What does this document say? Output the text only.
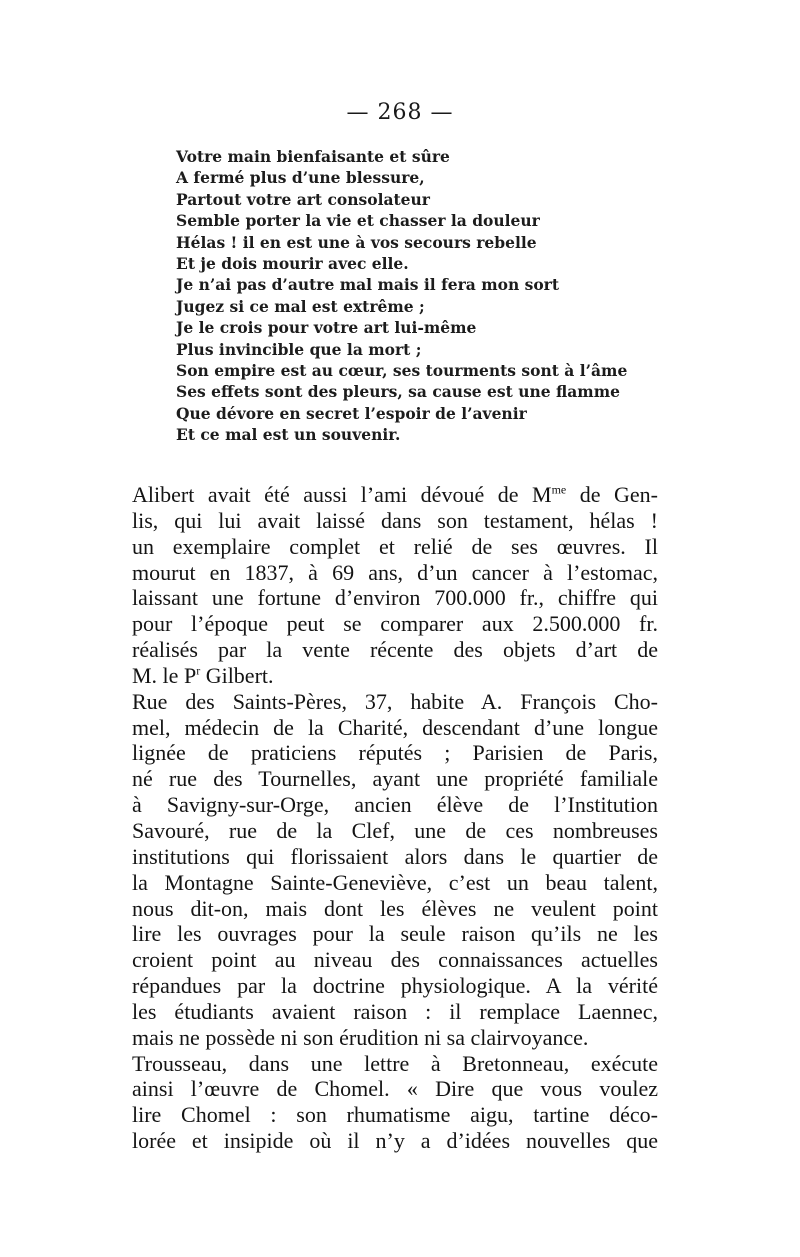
— 268 —
Votre main bienfaisante et sûre
A fermé plus d’une blessure,
Partout votre art consolateur
Semble porter la vie et chasser la douleur
Hélas ! il en est une à vos secours rebelle
Et je dois mourir avec elle.
Je n’ai pas d’autre mal mais il fera mon sort
Jugez si ce mal est extrême ;
Je le crois pour votre art lui-même
Plus invincible que la mort ;
Son empire est au cœur, ses tourments sont à l’âme
Ses effets sont des pleurs, sa cause est une flamme
Que dévore en secret l’espoir de l’avenir
Et ce mal est un souvenir.
Alibert avait été aussi l’ami dévoué de $M^{me}$ de Gen-
lis, qui lui avait laissé dans son testament, hélas !
un exemplaire complet et relié de ses œuvres. Il
mourut en 1837, à 69 ans, d’un cancer à l’estomac,
laissant une fortune d’environ 700.000 fr., chiffre qui
pour l’époque peut se comparer aux 2.500.000 fr.
réalisés par la vente récente des objets d’art de
M. le $P^r$ Gilbert.
Rue des Saints-Pères, 37, habite A. François Cho-
mel, médecin de la Charité, descendant d’une longue
lignée de praticiens réputés ; Parisien de Paris,
né rue des Tournelles, ayant une propriété familiale
à Savigny-sur-Orge, ancien élève de l’Institution
Savouré, rue de la Clef, une de ces nombreuses
institutions qui florissaient alors dans le quartier de
la Montagne Sainte-Geneviève, c’est un beau talent,
nous dit-on, mais dont les élèves ne veulent point
lire les ouvrages pour la seule raison qu’ils ne les
croient point au niveau des connaissances actuelles
répandues par la doctrine physiologique. A la vérité
les étudiants avaient raison : il remplace Laennec,
mais ne possède ni son érudition ni sa clairvoyance.
Trousseau, dans une lettre à Bretonneau, exécute
ainsi l’œuvre de Chomel. « Dire que vous voulez
lire Chomel : son rhumatisme aigu, tartine déco-
lorée et insipide où il n’y a d’idées nouvelles que
